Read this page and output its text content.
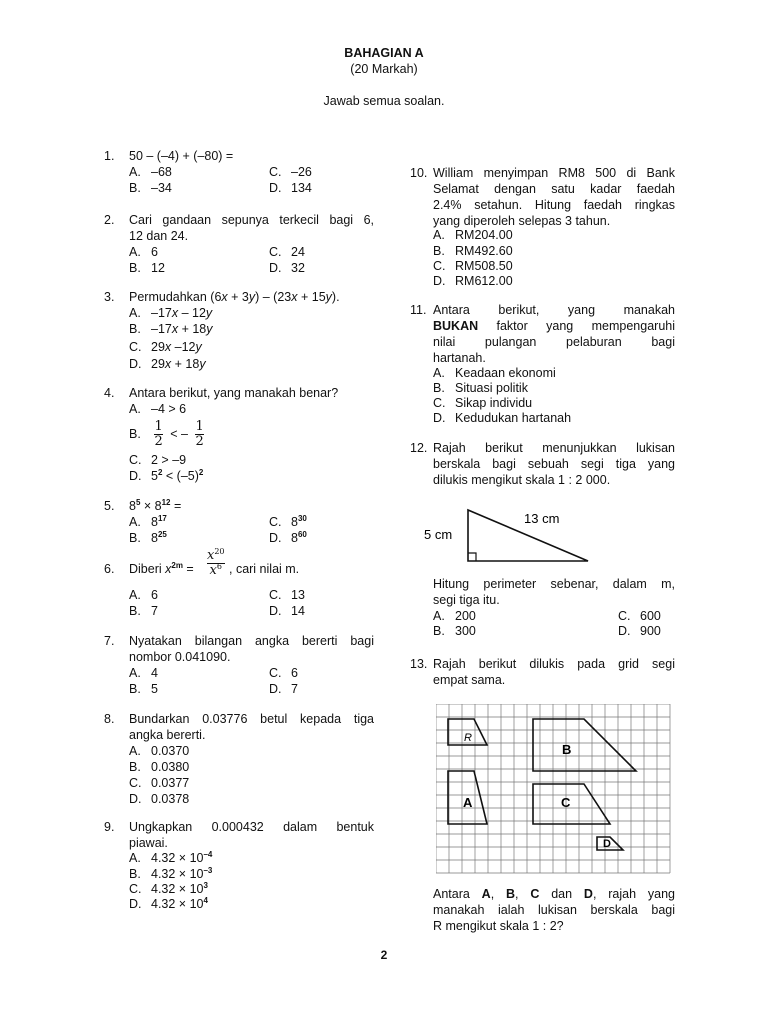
BAHAGIAN A
(20 Markah)
Jawab semua soalan.
1. 50 – (–4) + (–80) =
A. –68	C. –26
B. –34	D. 134
2. Cari gandaan sepunya terkecil bagi 6,
12 dan 24.
A. 6	C. 24
B. 12	D. 32
3. Permudahkan (6x + 3y) – (23x + 15y).
A. –17x – 12y
B. –17x + 18y
C. 29x –12y
D. 29x + 18y
4. Antara berikut, yang manakah benar?
A. –4 > 6
B. $\frac{1}{2}$ < – $\frac{1}{2}$
C. 2 > –9
D. $5^2 < (-5)^2$
5. $8^5 \times 8^{12}$ =
A. $8^{17}$	C. $8^{30}$
B. $8^{25}$	D. $8^{60}$
6. Diberi $x^{2m}$ =
$x^{20}$
$x^6$ , cari nilai m.
A. 6	C. 13
B. 7	D. 14
7. Nyatakan bilangan angka bererti bagi
nombor 0.041090.
A. 4	C. 6
B. 5	D. 7
8. Bundarkan 0.03776 betul kepada tiga
angka bererti.
A. 0.0370
B. 0.0380
C. 0.0377
D. 0.0378
9. Ungkapkan 0.000432 dalam bentuk
piawai.
A. $4.32 \times 10^{-4}$
B. $4.32 \times 10^{-3}$
C. $4.32 \times 10^3$
D. $4.32 \times 10^4$
10. William menyimpan RM8 500 di Bank
Selamat dengan satu kadar faedah
2.4% setahun. Hitung faedah ringkas
yang diperoleh selepas 3 tahun.
A. RM204.00
B. RM492.60
C. RM508.50
D. RM612.00
11. Antara berikut, yang manakah
BUKAN faktor yang mempengaruhi
nilai pulangan pelaburan bagi
hartanah.
A. Keadaan ekonomi
B. Situasi politik
C. Sikap individu
D. Kedudukan hartanah
12. Rajah berikut menunjukkan lukisan
berskala bagi sebuah segi tiga yang
dilukis mengikut skala 1 : 2 000.
13 cm
5 cm
Hitung perimeter sebenar, dalam m,
segi tiga itu.
A. 200	C. 600
B. 300	D. 900
13. Rajah berikut dilukis pada grid segi
empat sama.
R
B
A	C
D
Antara A, B, C dan D, rajah yang
manakah ialah lukisan berskala bagi
R mengikut skala 1 : 2?
2
